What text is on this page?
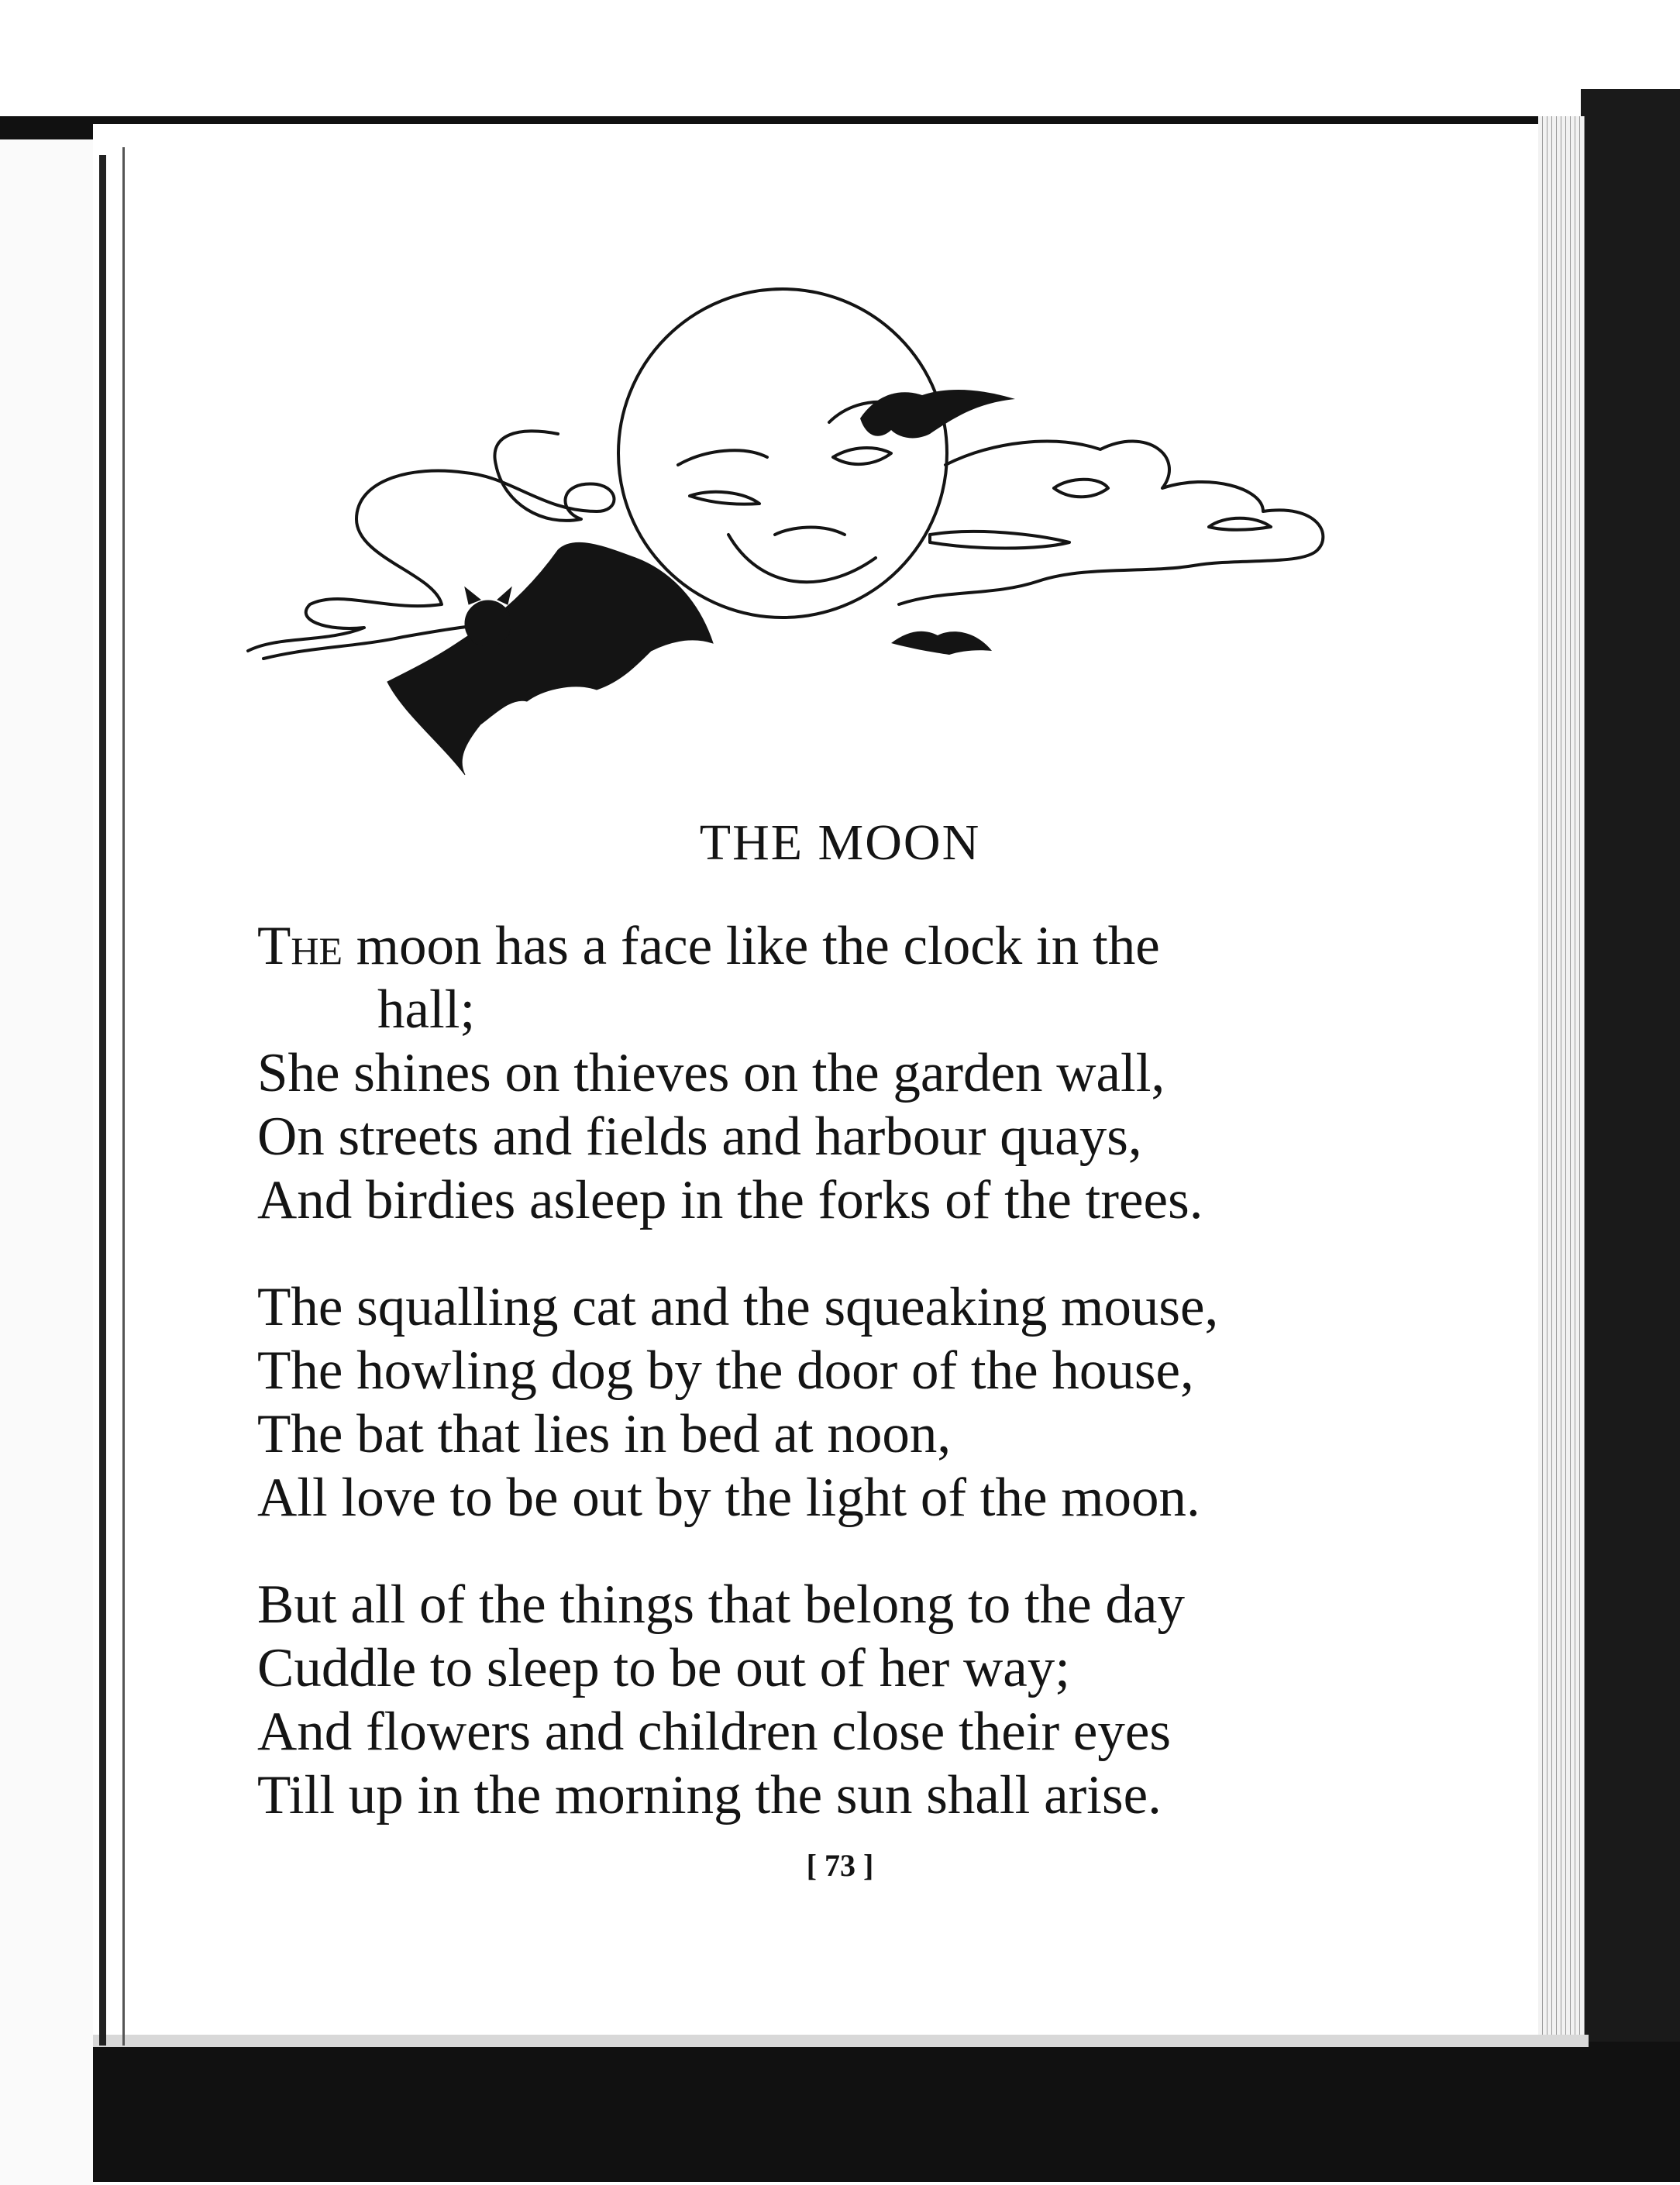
THE MOON
The moon has a face like the clock in the
hall;
She shines on thieves on the garden wall,
On streets and fields and harbour quays,
And birdies asleep in the forks of the trees.
The squalling cat and the squeaking mouse,
The howling dog by the door of the house,
The bat that lies in bed at noon,
All love to be out by the light of the moon.
But all of the things that belong to the day
Cuddle to sleep to be out of her way;
And flowers and children close their eyes
Till up in the morning the sun shall arise.
[ 73 ]
